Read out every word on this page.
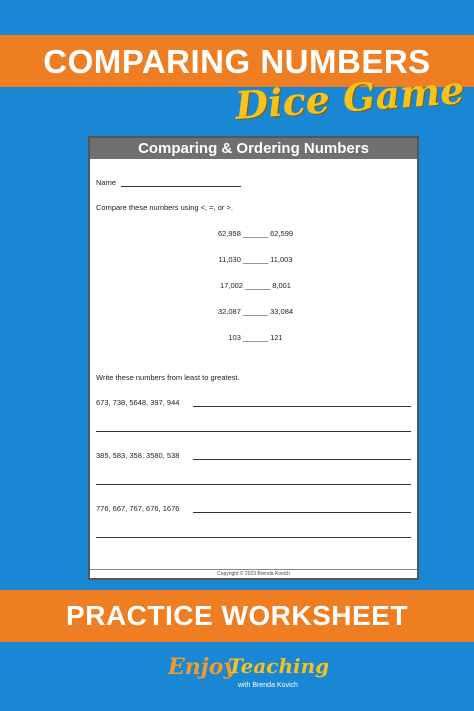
COMPARING NUMBERS
Dice Game
Comparing & Ordering Numbers
Name
Compare these numbers using <, =, or >.
62,958 ______ 62,599
11,030 ______ 11,003
17,002 ______ 8,001
32,087 ______ 33,084
103 ______ 121
Write these numbers from least to greatest.
673, 738, 5648, 397, 944
385, 583, 358, 3580, 538
776, 667, 767, 676, 1676
Copyright © 2023 Brenda Kovich
PRACTICE WORKSHEET
Enjoy
Teaching
with Brenda Kovich
